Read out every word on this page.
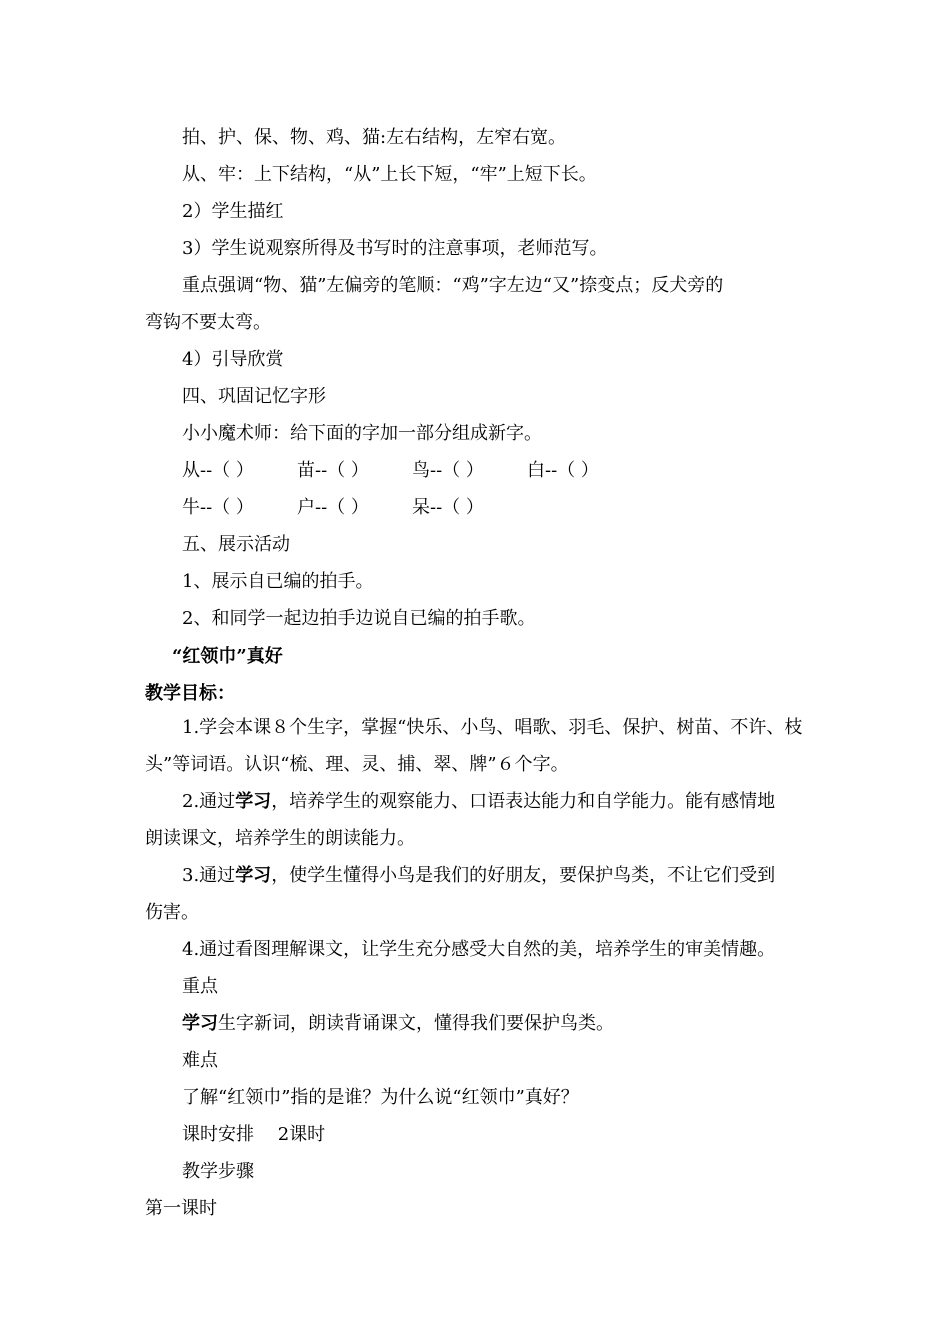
拍、护、保、物、鸡、猫:左右结构，左窄右宽。
从、牢：上下结构，“从”上长下短，“牢”上短下长。
2）学生描红
3）学生说观察所得及书写时的注意事项，老师范写。
重点强调“物、猫”左偏旁的笔顺：“鸡”字左边“又”捺变点；反犬旁的
弯钩不要太弯。
4）引导欣赏
四、巩固记忆字形
小小魔术师：给下面的字加一部分组成新字。
从--（ ） 苗--（ ） 鸟--（ ） 白--（ ）
牛--（ ） 户--（ ） 呆--（ ）
五、展示活动
1、展示自已编的拍手。
2、和同学一起边拍手边说自已编的拍手歌。
“红领巾”真好
教学目标：
1.学会本课８个生字，掌握“快乐、小鸟、唱歌、羽毛、保护、树苗、不许、枝
头”等词语。认识“梳、理、灵、捕、翠、牌”６个字。
2.通过学习，培养学生的观察能力、口语表达能力和自学能力。能有感情地
朗读课文，培养学生的朗读能力。
3.通过学习，使学生懂得小鸟是我们的好朋友，要保护鸟类，不让它们受到
伤害。
4.通过看图理解课文，让学生充分感受大自然的美，培养学生的审美情趣。
重点
学习生字新词，朗读背诵课文，懂得我们要保护鸟类。
难点
了解“红领巾”指的是谁？为什么说“红领巾”真好？
课时安排　 2课时
教学步骤
第一课时
